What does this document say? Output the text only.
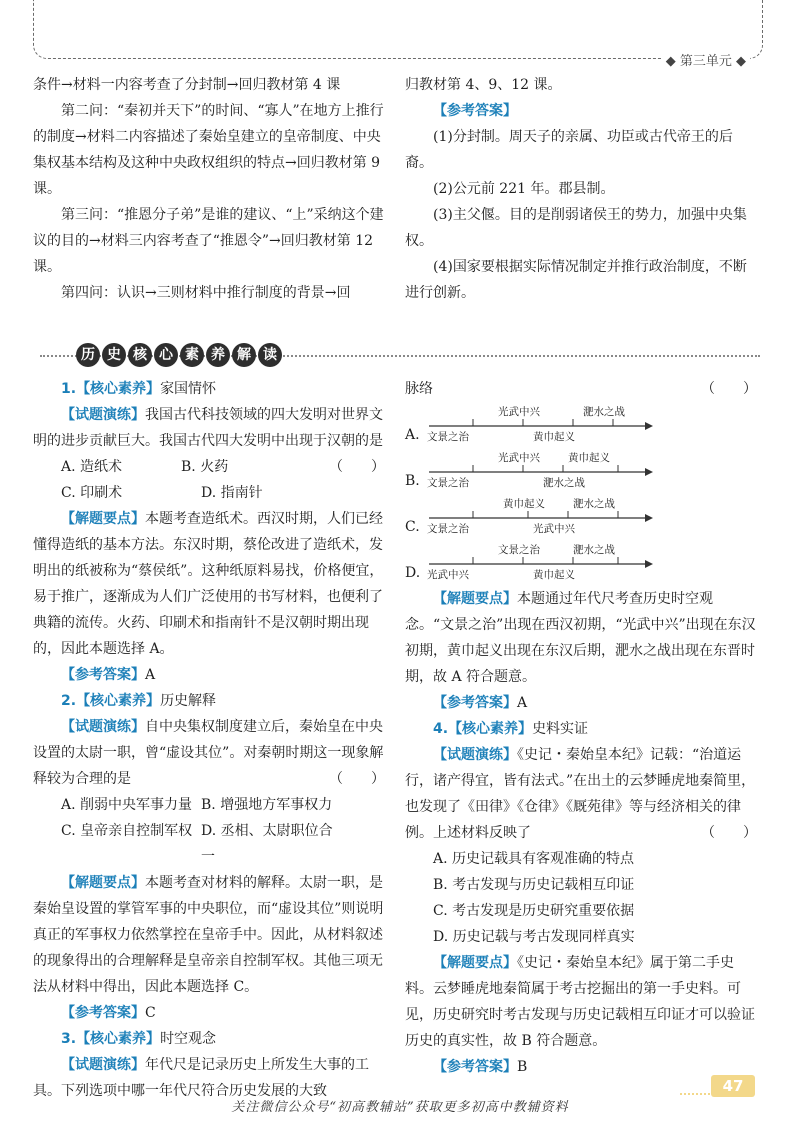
◆ 第三单元 ◆

条件→材料一内容考查了分封制→回归教材第 4 课

第二问：“秦初并天下”的时间、“寡人”在地方上推行的制度→材料二内容描述了秦始皇建立的皇帝制度、中央集权基本结构及这种中央政权组织的特点→回归教材第 9 课。

第三问：“推恩分子弟”是谁的建议、“上”采纳这个建议的目的→材料三内容考查了“推恩令”→回归教材第 12 课。

第四问：认识→三则材料中推行制度的背景→回

归教材第 4、9、12 课。

【参考答案】

(1)分封制。周天子的亲属、功臣或古代帝王的后裔。

(2)公元前 221 年。郡县制。

(3)主父偃。目的是削弱诸侯王的势力，加强中央集权。

(4)国家要根据实际情况制定并推行政治制度，不断进行创新。

历 史 核 心 素 养 解 读

1.【核心素养】家国情怀

【试题演练】我国古代科技领域的四大发明对世界文明的进步贡献巨大。我国古代四大发明中出现于汉朝的是
（　　）

A. 造纸术	B. 火药
C. 印刷术	D. 指南针

【解题要点】本题考查造纸术。西汉时期，人们已经懂得造纸的基本方法。东汉时期，蔡伦改进了造纸术，发明出的纸被称为“蔡侯纸”。这种纸原料易找，价格便宜，易于推广，逐渐成为人们广泛使用的书写材料，也便利了典籍的流传。火药、印刷术和指南针不是汉朝时期出现的，因此本题选择 A。

【参考答案】A

2.【核心素养】历史解释

【试题演练】自中央集权制度建立后，秦始皇在中央设置的太尉一职，曾“虚设其位”。对秦朝时期这一现象解释较为合理的是	（　　）

A. 削弱中央军事力量 B. 增强地方军事权力
C. 皇帝亲自控制军权 D. 丞相、太尉职位合一

【解题要点】本题考查对材料的解释。太尉一职，是秦始皇设置的掌管军事的中央职位，而“虚设其位”则说明真正的军事权力依然掌控在皇帝手中。因此，从材料叙述的现象得出的合理解释是皇帝亲自控制军权。其他三项无法从材料中得出，因此本题选择 C。

【参考答案】C

3.【核心素养】时空观念

【试题演练】年代尺是记录历史上所发生大事的工具。下列选项中哪一年代尺符合历史发展的大致

脉络	（　　）

A.
光武中兴	淝水之战
文景之治	黄巾起义
B.
光武中兴	黄巾起义
文景之治	淝水之战
C.
黄巾起义	淝水之战
文景之治	光武中兴
D.
文景之治	淝水之战
光武中兴	黄巾起义

【解题要点】本题通过年代尺考查历史时空观念。“文景之治”出现在西汉初期，“光武中兴”出现在东汉初期，黄巾起义出现在东汉后期，淝水之战出现在东晋时期，故 A 符合题意。

【参考答案】A

4.【核心素养】史料实证

【试题演练】《史记・秦始皇本纪》记载：“治道运行，诸产得宜，皆有法式。”在出土的云梦睡虎地秦简里，也发现了《田律》《仓律》《厩苑律》等与经济相关的律例。上述材料反映了	（　　）

A. 历史记载具有客观准确的特点

B. 考古发现与历史记载相互印证

C. 考古发现是历史研究重要依据

D. 历史记载与考古发现同样真实

【解题要点】《史记・秦始皇本纪》属于第二手史料。云梦睡虎地秦简属于考古挖掘出的第一手史料。可见，历史研究时考古发现与历史记载相互印证才可以验证历史的真实性，故 B 符合题意。

【参考答案】B

47
关注微信公众号“初高教辅站”获取更多初高中教辅资料
